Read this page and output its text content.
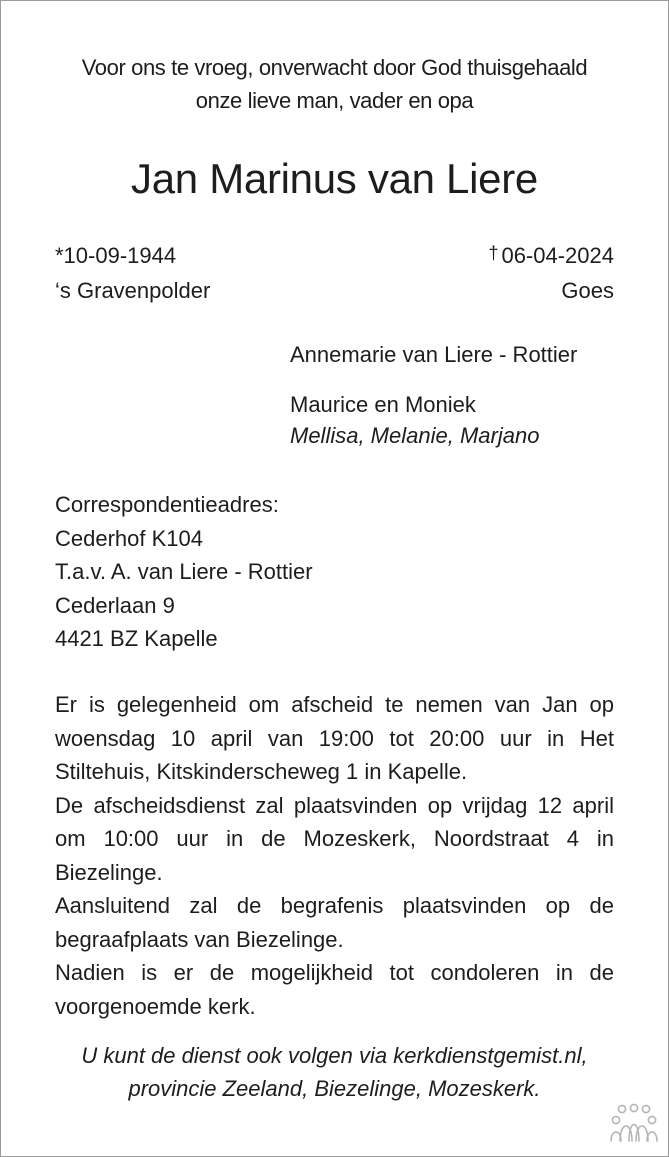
Voor ons te vroeg, onverwacht door God thuisgehaald
onze lieve man, vader en opa
Jan Marinus van Liere
*10-09-1944	† 06-04-2024
‘s Gravenpolder	Goes
Annemarie van Liere - Rottier
Maurice en Moniek
Mellisa, Melanie, Marjano
Correspondentieadres:
Cederhof K104
T.a.v. A. van Liere - Rottier
Cederlaan 9
4421 BZ Kapelle

Er is gelegenheid om afscheid te nemen van Jan op woensdag 10 april van 19:00 tot 20:00 uur in Het Stiltehuis, Kitskinderscheweg 1 in Kapelle.

De afscheidsdienst zal plaatsvinden op vrijdag 12 april om 10:00 uur in de Mozeskerk, Noordstraat 4 in Biezelinge.

Aansluitend zal de begrafenis plaatsvinden op de begraafplaats van Biezelinge.

Nadien is er de mogelijkheid tot condoleren in de voorgenoemde kerk.

U kunt de dienst ook volgen via kerkdienstgemist.nl,
provincie Zeeland, Biezelinge, Mozeskerk.
